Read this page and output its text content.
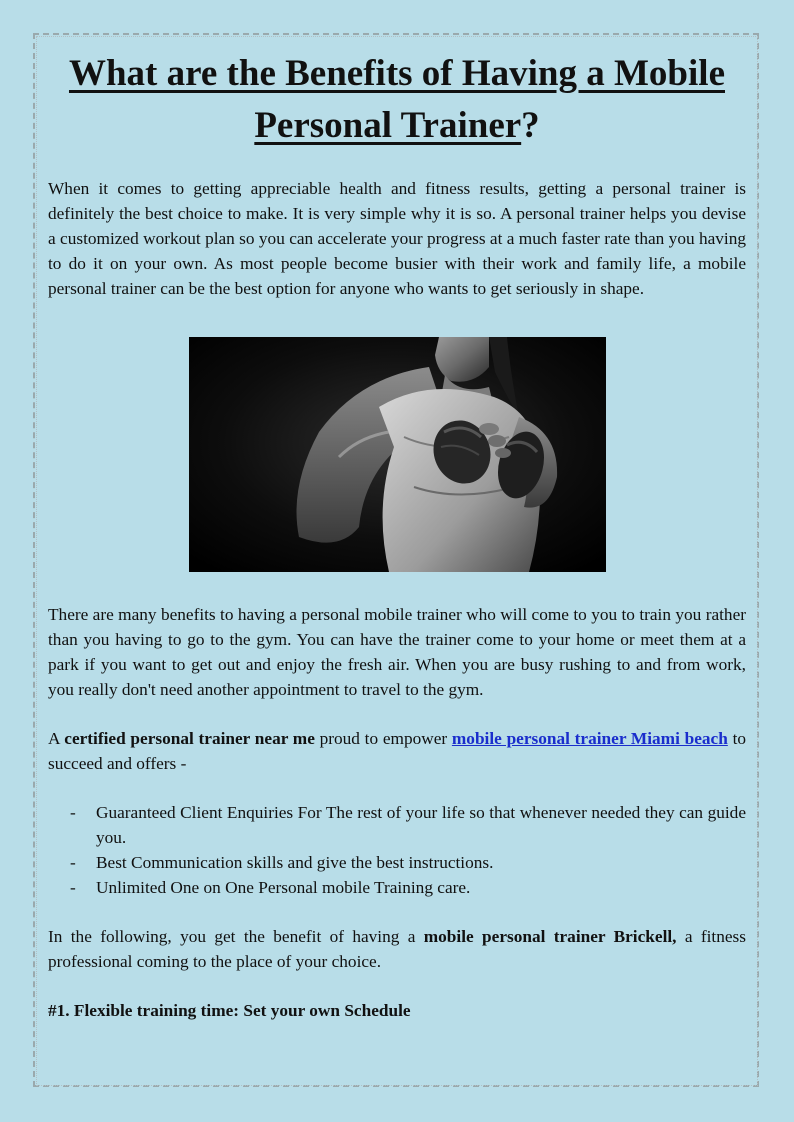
What are the Benefits of Having a Mobile
Personal Trainer?

When it comes to getting appreciable health and fitness results, getting a personal trainer is definitely the best choice to make. It is very simple why it is so. A personal trainer helps you devise a customized workout plan so you can accelerate your progress at a much faster rate than you having to do it on your own. As most people become busier with their work and family life, a mobile personal trainer can be the best option for anyone who wants to get seriously in shape.

There are many benefits to having a personal mobile trainer who will come to you to train you rather than you having to go to the gym. You can have the trainer come to your home or meet them at a park if you want to get out and enjoy the fresh air. When you are busy rushing to and from work, you really don't need another appointment to travel to the gym.

A certified personal trainer near me proud to empower mobile personal trainer Miami beach to succeed and offers -

- Guaranteed Client Enquiries For The rest of your life so that whenever needed they can guide you.
- Best Communication skills and give the best instructions.
- Unlimited One on One Personal mobile Training care.

In the following, you get the benefit of having a mobile personal trainer Brickell, a fitness professional coming to the place of your choice.

#1. Flexible training time: Set your own Schedule
